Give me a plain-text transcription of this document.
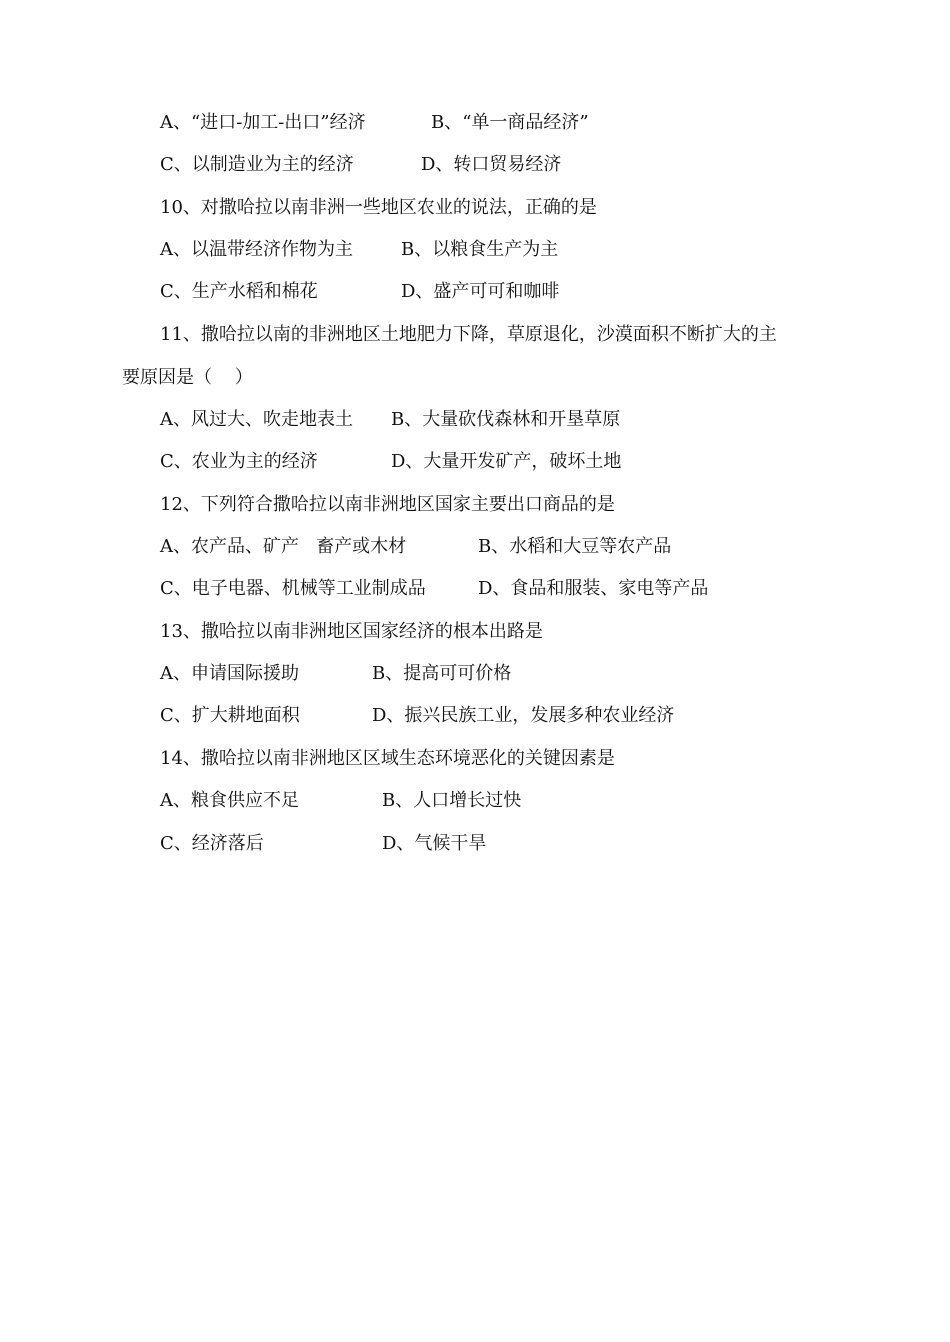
A、“进口-加工-出口”经济	B、“单一商品经济”
C、以制造业为主的经济	D、转口贸易经济
10、对撒哈拉以南非洲一些地区农业的说法，正确的是
A、以温带经济作物为主	B、以粮食生产为主
C、生产水稻和棉花	D、盛产可可和咖啡
11、撒哈拉以南的非洲地区土地肥力下降，草原退化，沙漠面积不断扩大的主
要原因是（    ）
A、风过大、吹走地表土 B、大量砍伐森林和开垦草原
C、农业为主的经济	D、大量开发矿产，破坏土地
12、下列符合撒哈拉以南非洲地区国家主要出口商品的是
A、农产品、矿产   畜产或木材	B、水稻和大豆等农产品
C、电子电器、机械等工业制成品	D、食品和服装、家电等产品
13、撒哈拉以南非洲地区国家经济的根本出路是
A、申请国际援助	B、提高可可价格
C、扩大耕地面积	D、振兴民族工业，发展多种农业经济
14、撒哈拉以南非洲地区区域生态环境恶化的关键因素是
A、粮食供应不足	B、人口增长过快
C、经济落后	D、气候干旱
